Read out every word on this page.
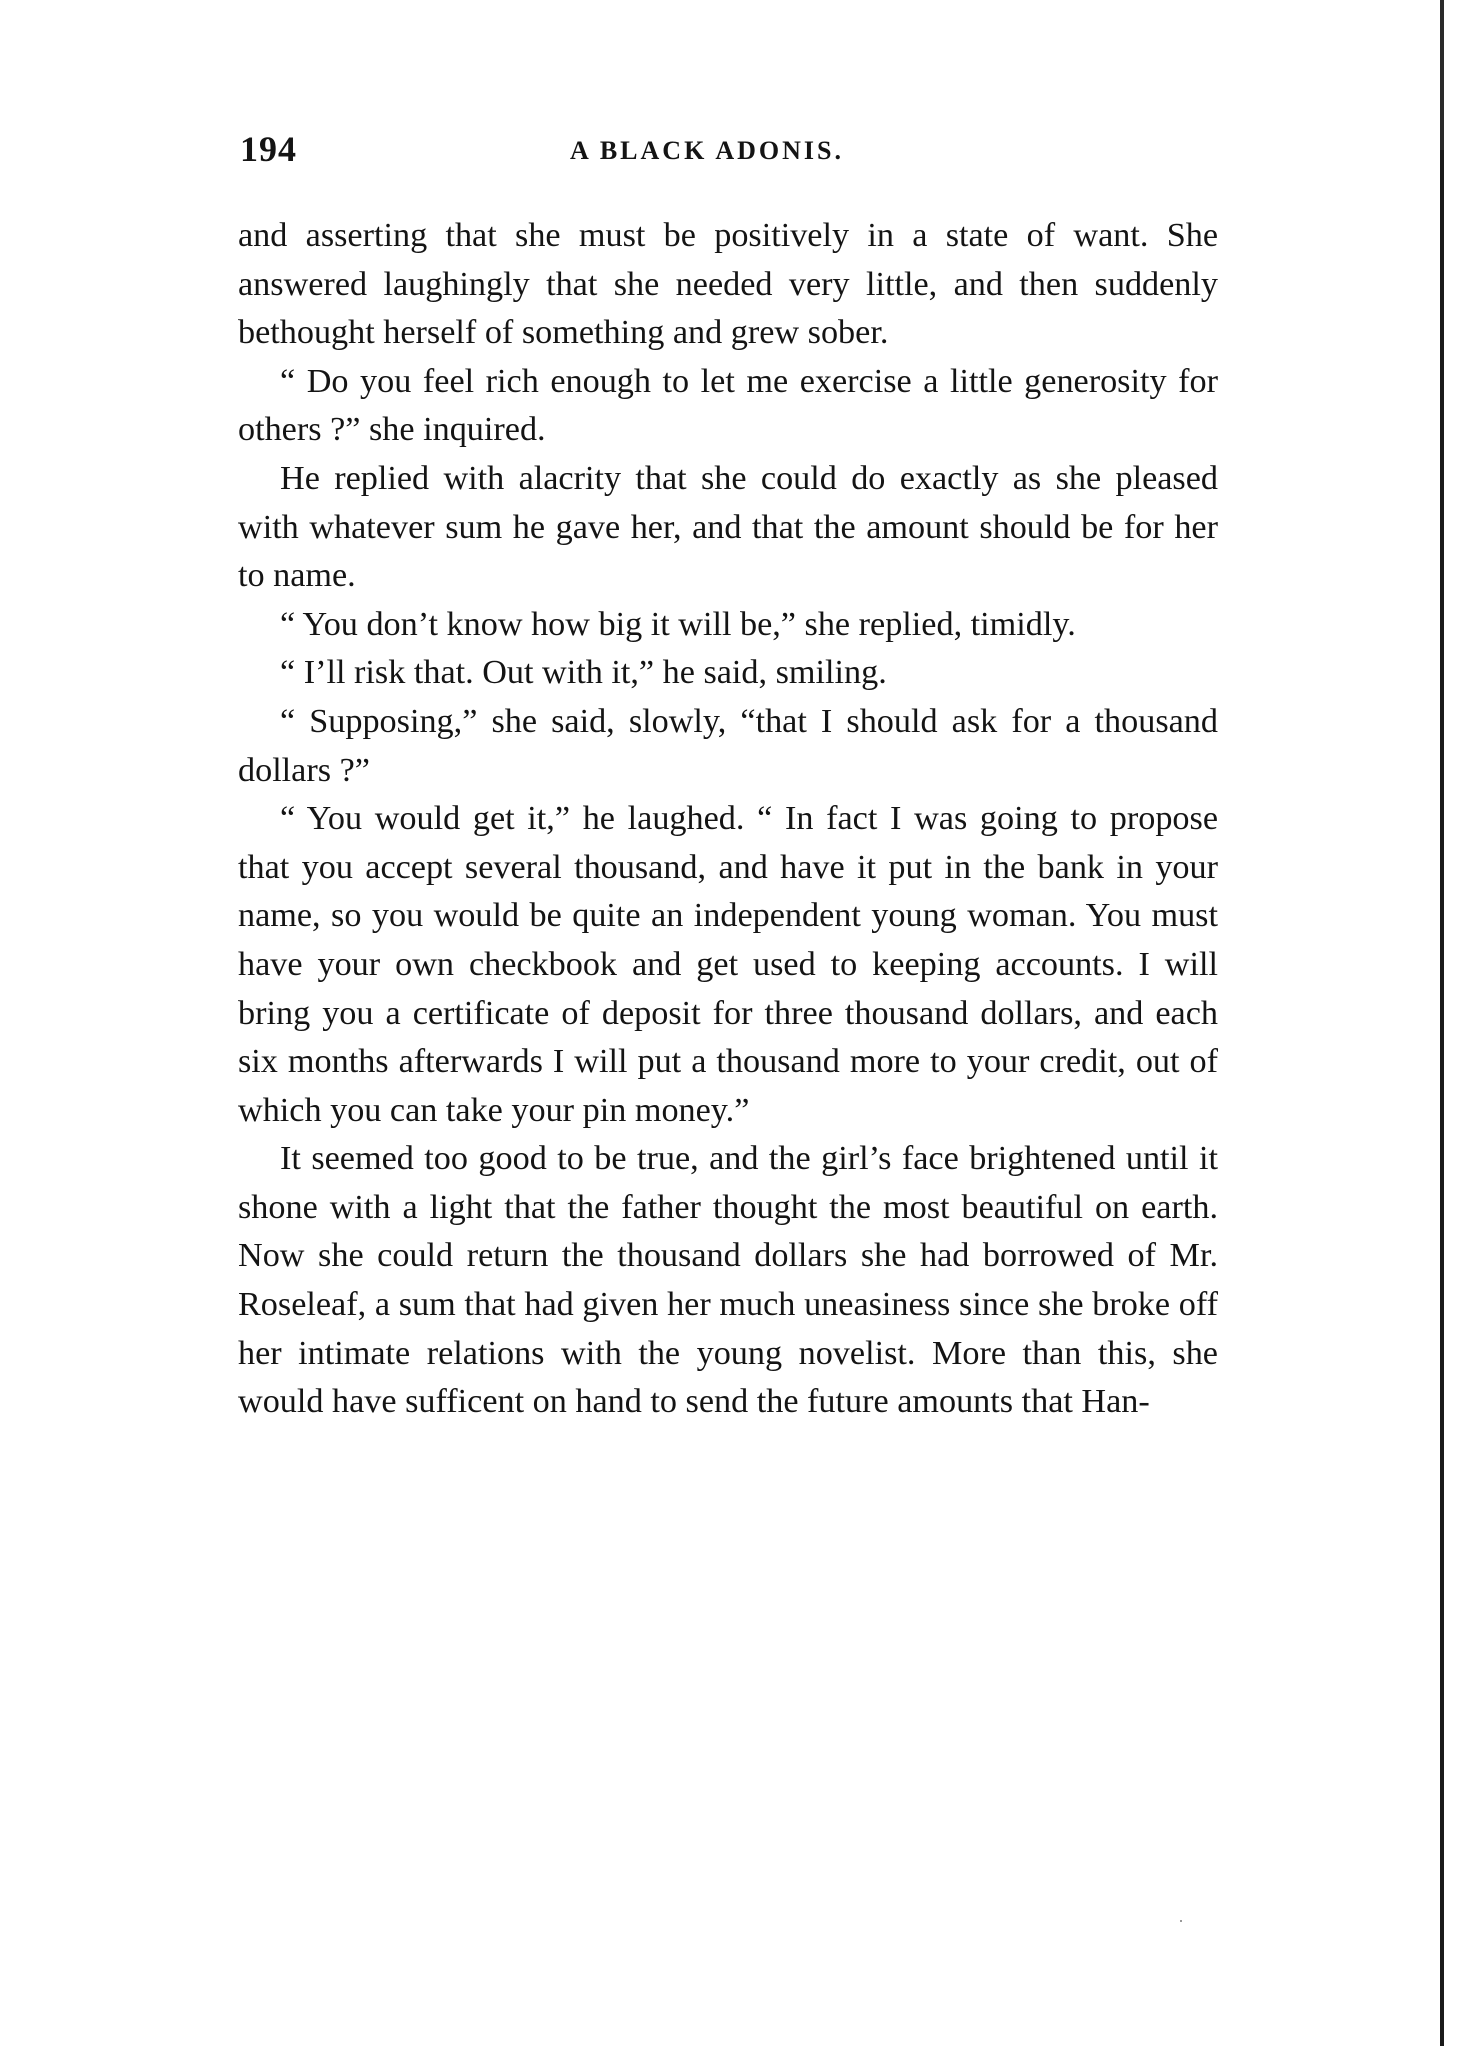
194	A BLACK ADONIS.

and asserting that she must be positively in a state of want. She answered laughingly that she needed very little, and then suddenly bethought herself of something and grew sober.

“ Do you feel rich enough to let me exercise a little generosity for others ?” she inquired.

He replied with alacrity that she could do exactly as she pleased with whatever sum he gave her, and that the amount should be for her to name.

“ You don’t know how big it will be,” she replied, timidly.

“ I’ll risk that. Out with it,” he said, smiling.

“ Supposing,” she said, slowly, “that I should ask for a thousand dollars ?”

“ You would get it,” he laughed. “ In fact I was going to propose that you accept several thousand, and have it put in the bank in your name, so you would be quite an independent young woman. You must have your own checkbook and get used to keeping accounts. I will bring you a certificate of deposit for three thousand dollars, and each six months afterwards I will put a thousand more to your credit, out of which you can take your pin money.”

It seemed too good to be true, and the girl’s face brightened until it shone with a light that the father thought the most beautiful on earth. Now she could return the thousand dollars she had borrowed of Mr. Roseleaf, a sum that had given her much uneasiness since she broke off her intimate relations with the young novelist. More than this, she would have sufficent on hand to send the future amounts that Han-
